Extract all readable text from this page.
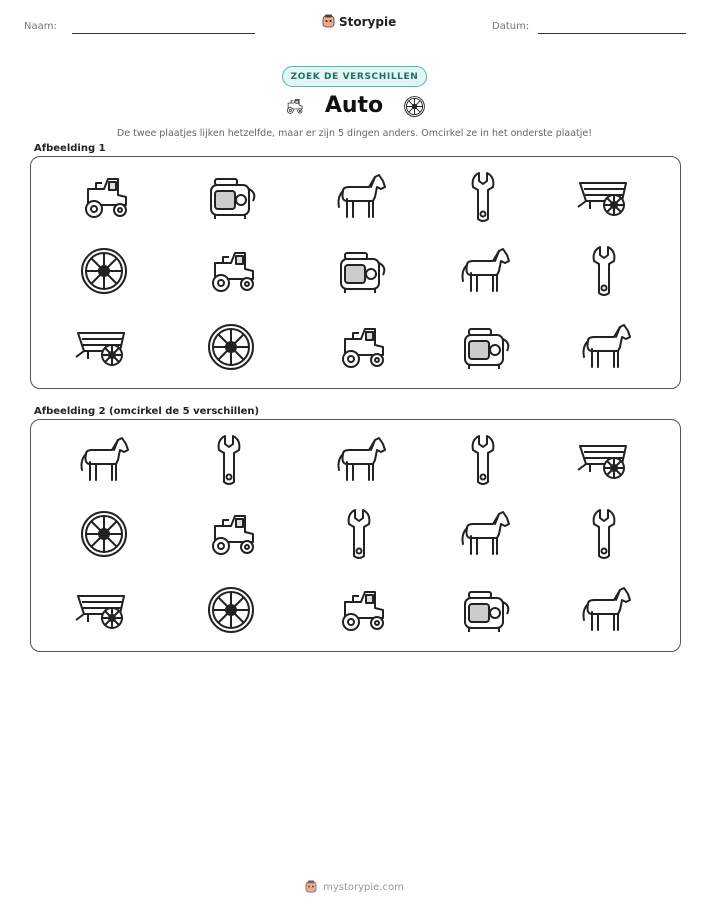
Naam:	Storypie	Datum:
ZOEK DE VERSCHILLEN
Auto
De twee plaatjes lijken hetzelfde, maar er zijn 5 dingen anders. Omcirkel ze in het onderste plaatje!
Afbeelding 1
Afbeelding 2 (omcirkel de 5 verschillen)
mystorypie.com
